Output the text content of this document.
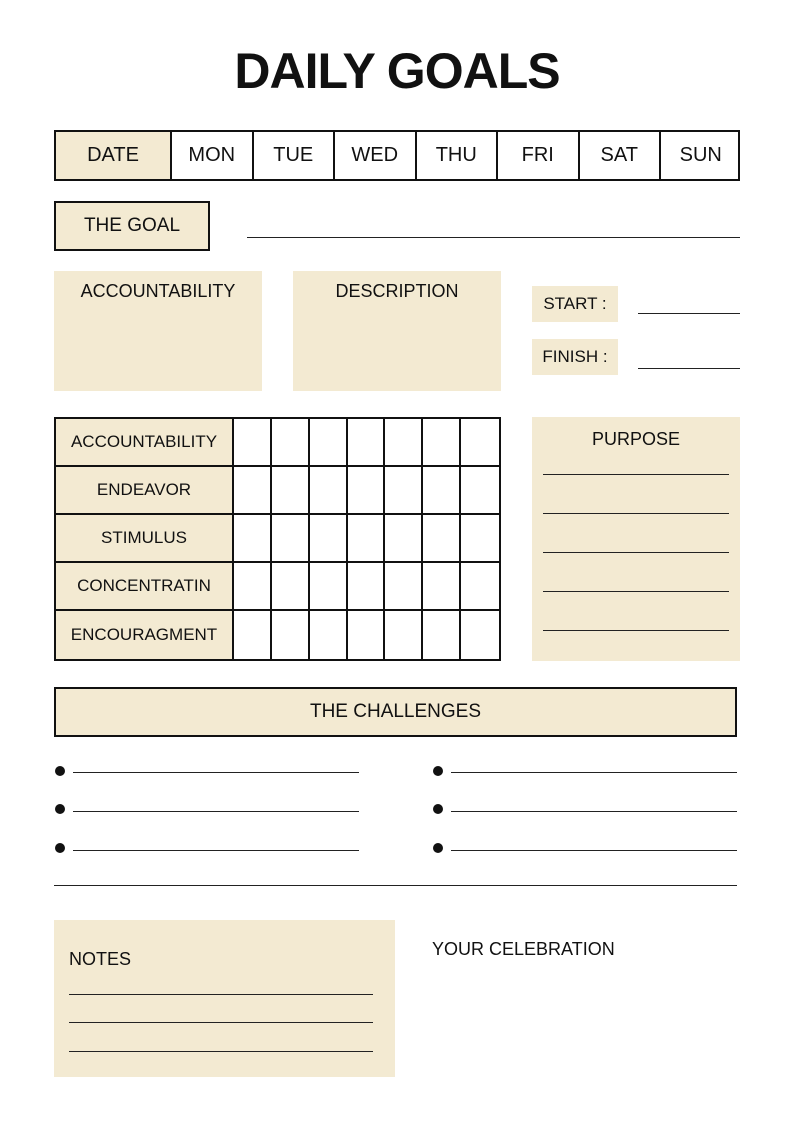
DAILY GOALS
DATE	MON	TUE	WED	THU	FRI	SAT	SUN
THE GOAL
ACCOUNTABILITY	DESCRIPTION
START :
FINISH :
ACCOUNTABILITY
ENDEAVOR
STIMULUS
CONCENTRATIN
ENCOURAGMENT
PURPOSE
THE CHALLENGES
NOTES	YOUR CELEBRATION
